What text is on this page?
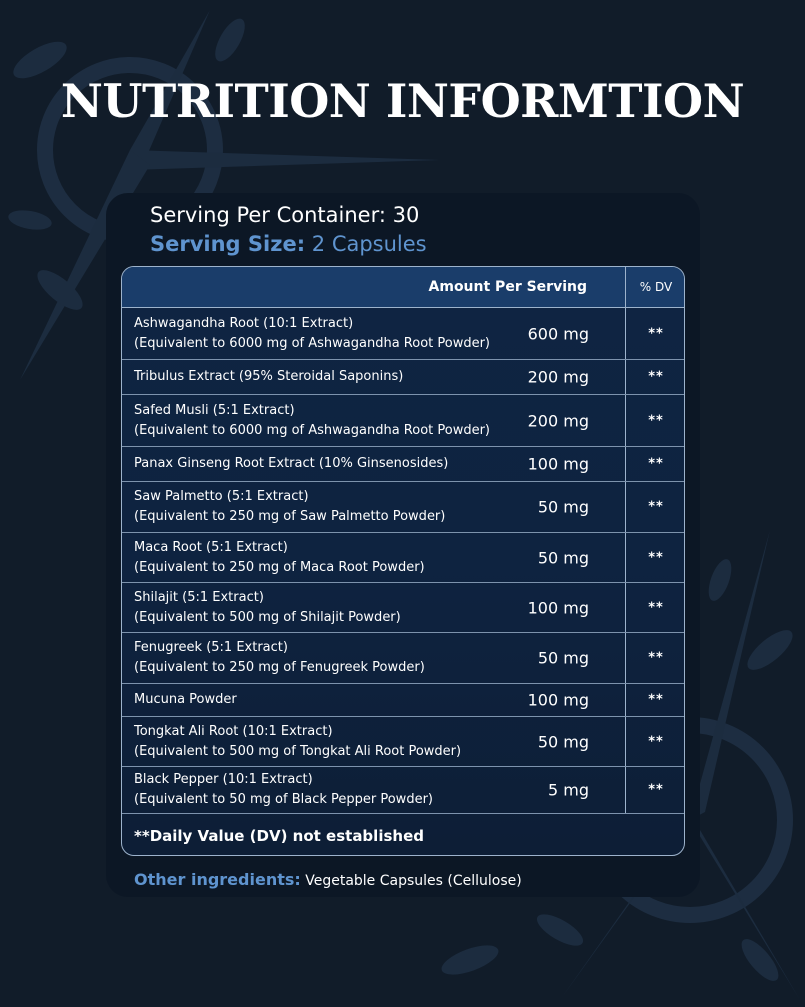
NUTRITION INFORMTION
Serving Per Container: 30
Serving Size: 2 Capsules
Amount Per Serving	% DV
Ashwagandha Root (10:1 Extract)
(Equivalent to 6000 mg of Ashwagandha Root Powder)	600 mg	**
Tribulus Extract (95% Steroidal Saponins)	200 mg	**
Safed Musli (5:1 Extract)
(Equivalent to 6000 mg of Ashwagandha Root Powder)	200 mg	**
Panax Ginseng Root Extract (10% Ginsenosides)	100 mg	**
Saw Palmetto (5:1 Extract)
(Equivalent to 250 mg of Saw Palmetto Powder)	50 mg	**
Maca Root (5:1 Extract)
(Equivalent to 250 mg of Maca Root Powder)	50 mg	**
Shilajit (5:1 Extract)
(Equivalent to 500 mg of Shilajit Powder)	100 mg	**
Fenugreek (5:1 Extract)
(Equivalent to 250 mg of Fenugreek Powder)	50 mg	**
Mucuna Powder	100 mg	**
Tongkat Ali Root (10:1 Extract)
(Equivalent to 500 mg of Tongkat Ali Root Powder)	50 mg	**
Black Pepper (10:1 Extract)
(Equivalent to 50 mg of Black Pepper Powder)	5 mg	**
**Daily Value (DV) not established
Other ingredients: Vegetable Capsules (Cellulose)
